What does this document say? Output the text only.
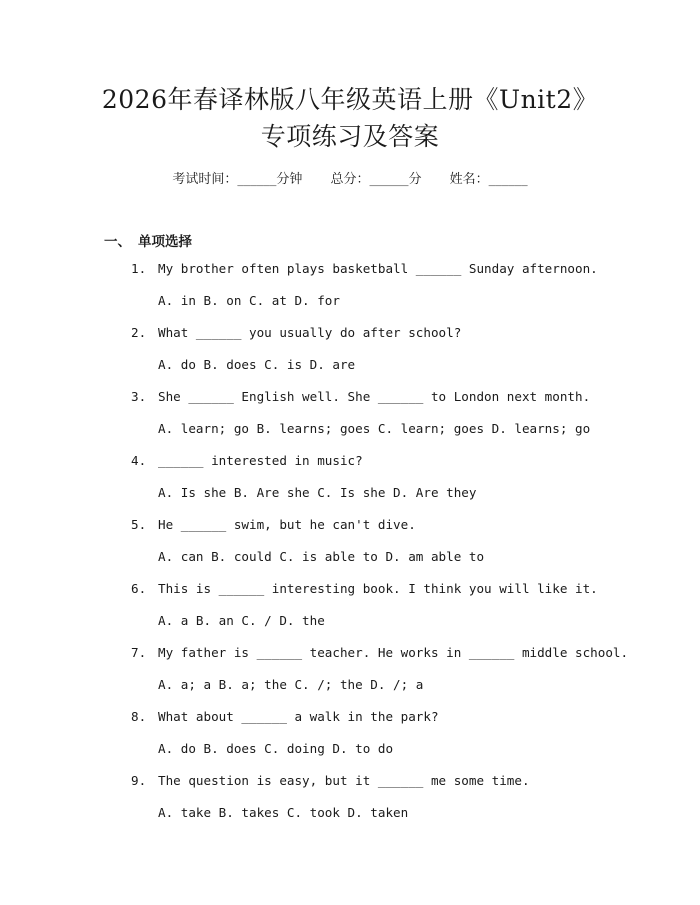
2026年春译林版八年级英语上册《Unit2》
专项练习及答案
考试时间：______分钟 总分：______分 姓名：______
一、 单项选择
1. My brother often plays basketball ______ Sunday afternoon.
A. in B. on C. at D. for
2. What ______ you usually do after school?
A. do B. does C. is D. are
3. She ______ English well. She ______ to London next month.
A. learn; go B. learns; goes C. learn; goes D. learns; go
4. ______ interested in music?
A. Is she B. Are she C. Is she D. Are they
5. He ______ swim, but he can't dive.
A. can B. could C. is able to D. am able to
6. This is ______ interesting book. I think you will like it.
A. a B. an C. / D. the
7. My father is ______ teacher. He works in ______ middle school.
A. a; a B. a; the C. /; the D. /; a
8. What about ______ a walk in the park?
A. do B. does C. doing D. to do
9. The question is easy, but it ______ me some time.
A. take B. takes C. took D. taken
